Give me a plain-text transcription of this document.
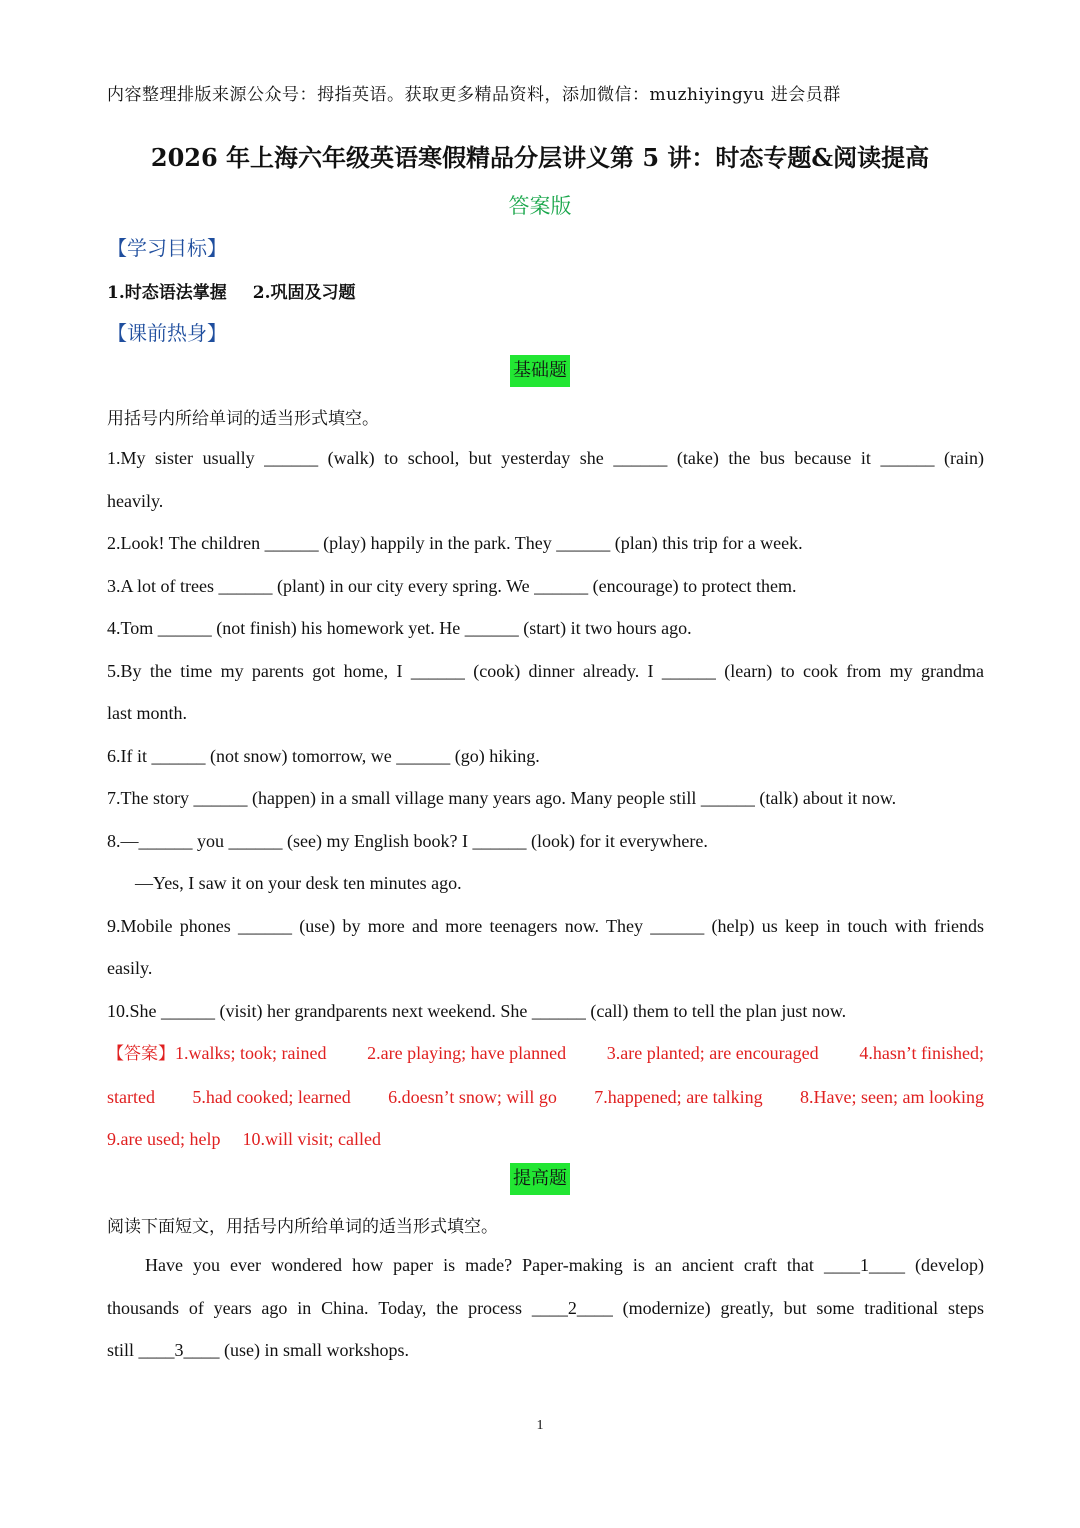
内容整理排版来源公众号：拇指英语。获取更多精品资料，添加微信：muzhiyingyu 进会员群
2026 年上海六年级英语寒假精品分层讲义第 5 讲：时态专题&阅读提高
答案版
【学习目标】
1.时态语法掌握 2.巩固及习题
【课前热身】
基础题
用括号内所给单词的适当形式填空。
1.My sister usually ______ (walk) to school, but yesterday she ______ (take) the bus because it ______ (rain)
heavily.
2.Look! The children ______ (play) happily in the park. They ______ (plan) this trip for a week.
3.A lot of trees ______ (plant) in our city every spring. We ______ (encourage) to protect them.
4.Tom ______ (not finish) his homework yet. He ______ (start) it two hours ago.
5.By the time my parents got home, I ______ (cook) dinner already. I ______ (learn) to cook from my grandma
last month.
6.If it ______ (not snow) tomorrow, we ______ (go) hiking.
7.The story ______ (happen) in a small village many years ago. Many people still ______ (talk) about it now.
8.—______ you ______ (see) my English book? I ______ (look) for it everywhere.
—Yes, I saw it on your desk ten minutes ago.
9.Mobile phones ______ (use) by more and more teenagers now. They ______ (help) us keep in touch with friends
easily.
10.She ______ (visit) her grandparents next weekend. She ______ (call) them to tell the plan just now.
【答案】1.walks; took; rained 2.are playing; have planned 3.are planted; are encouraged 4.hasn’t finished;
started 5.had cooked; learned 6.doesn’t snow; will go 7.happened; are talking 8.Have; seen; am looking
9.are used; help 10.will visit; called
提高题
阅读下面短文，用括号内所给单词的适当形式填空。
Have you ever wondered how paper is made? Paper-making is an ancient craft that ____1____ (develop)
thousands of years ago in China. Today, the process ____2____ (modernize) greatly, but some traditional steps
still ____3____ (use) in small workshops.
1
